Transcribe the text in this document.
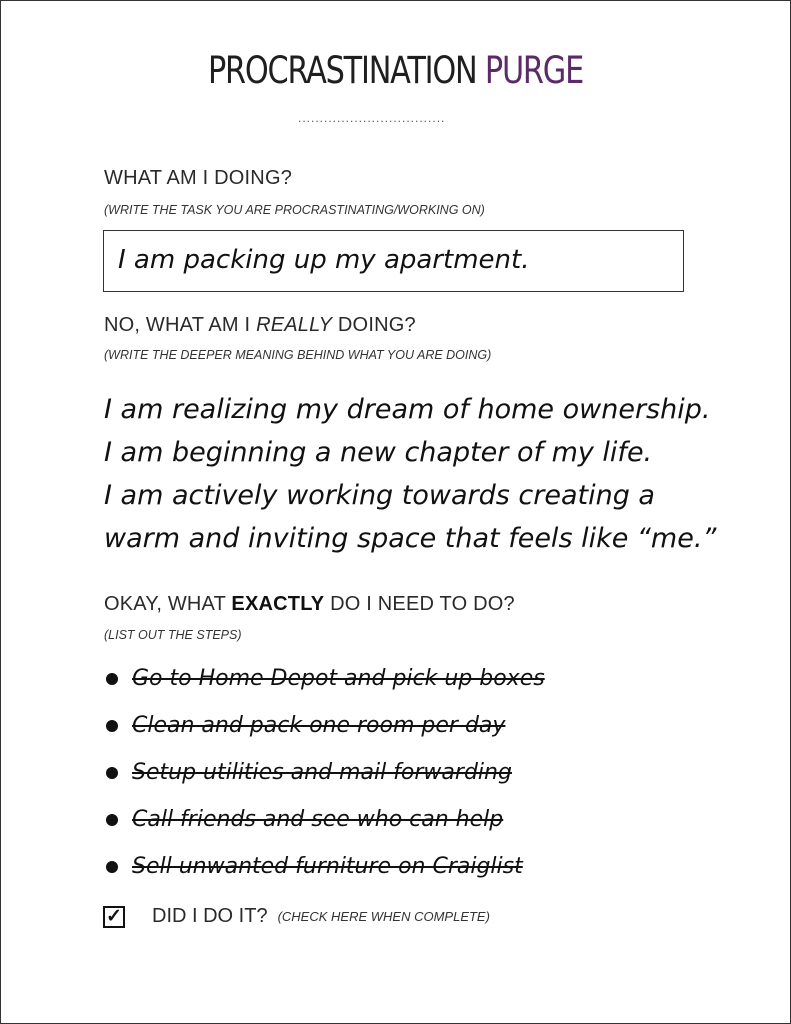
PROCRASTINATION PURGE
..................................
WHAT AM I DOING?
(WRITE THE TASK YOU ARE PROCRASTINATING/WORKING ON)
I am packing up my apartment.
NO, WHAT AM I REALLY DOING?
(WRITE THE DEEPER MEANING BEHIND WHAT YOU ARE DOING)
I am realizing my dream of home ownership.
I am beginning a new chapter of my life.
I am actively working towards creating a
warm and inviting space that feels like “me.”
OKAY, WHAT EXACTLY DO I NEED TO DO?
(LIST OUT THE STEPS)
Go to Home Depot and pick up boxes
Clean and pack one room per day
Setup utilities and mail forwarding
Call friends and see who can help
Sell unwanted furniture on Craiglist
✓ DID I DO IT? (CHECK HERE WHEN COMPLETE)
